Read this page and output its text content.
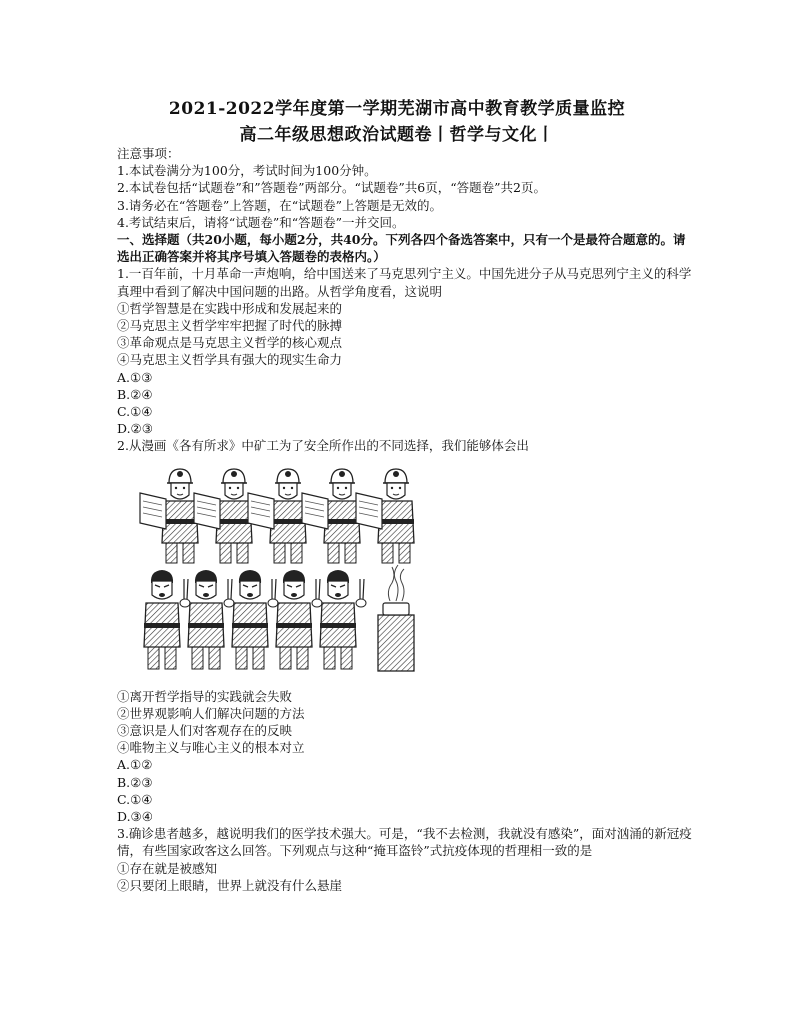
2021-2022学年度第一学期芜湖市高中教育教学质量监控
高二年级思想政治试题卷丨哲学与文化丨
注意事项：
1.本试卷满分为100分，考试时间为100分钟。
2.本试卷包括“试题卷”和”答题卷”两部分。“试题卷”共6页，“答题卷”共2页。
3.请务必在“答题卷”上答题，在“试题卷”上答题是无效的。
4.考试结束后，请将“试题卷”和“答题卷”一并交回。
一、选择题（共20小题，每小题2分，共40分。下列各四个备选答案中，只有一个是最符合题意的。请选出正确答案并将其序号填入答题卷的表格内。）
1.一百年前，十月革命一声炮响，给中国送来了马克思列宁主义。中国先进分子从马克思列宁主义的科学真理中看到了解决中国问题的出路。从哲学角度看，这说明
①哲学智慧是在实践中形成和发展起来的
②马克思主义哲学牢牢把握了时代的脉搏
③革命观点是马克思主义哲学的核心观点
④马克思主义哲学具有强大的现实生命力
A.①③
B.②④
C.①④
D.②③
2.从漫画《各有所求》中矿工为了安全所作出的不同选择，我们能够体会出
①离开哲学指导的实践就会失败
②世界观影响人们解决问题的方法
③意识是人们对客观存在的反映
④唯物主义与唯心主义的根本对立
A.①②
B.②③
C.①④
D.③④
3.确诊患者越多，越说明我们的医学技术强大。可是，“我不去检测，我就没有感染”，面对汹涌的新冠疫情，有些国家政客这么回答。下列观点与这种“掩耳盗铃”式抗疫体现的哲理相一致的是
①存在就是被感知
②只要闭上眼睛，世界上就没有什么悬崖
